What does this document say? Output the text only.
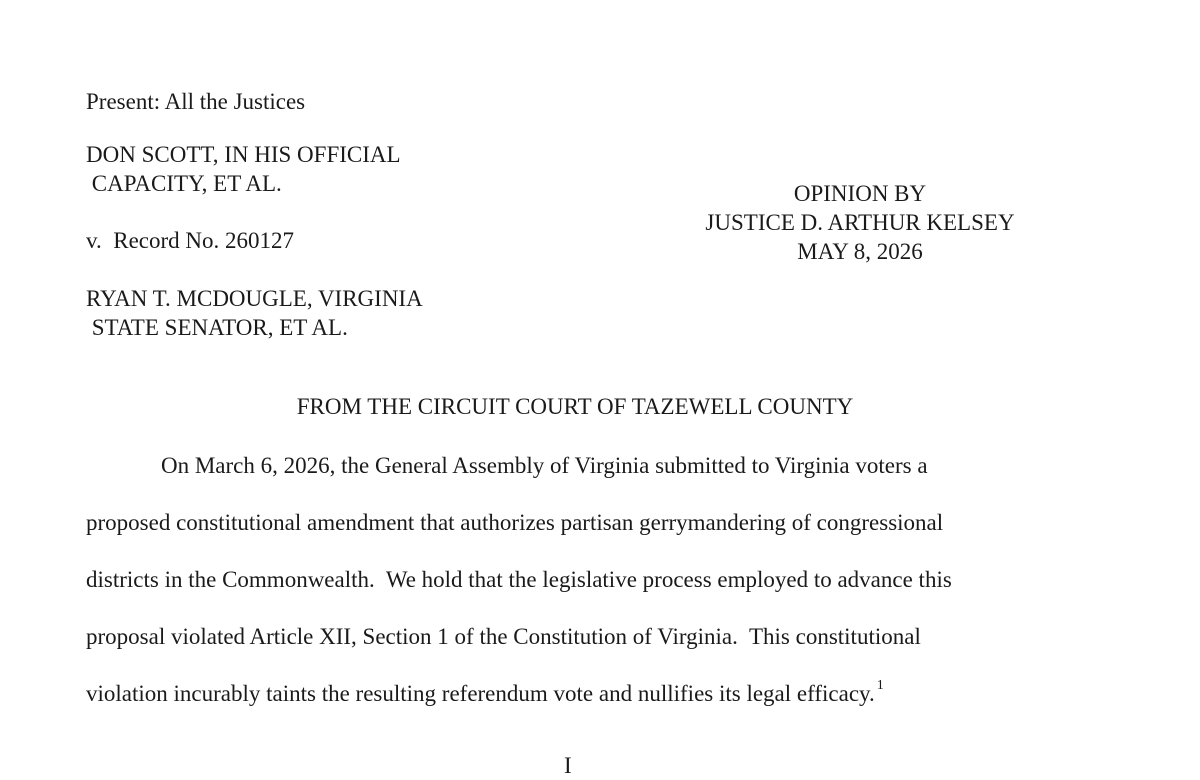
Present: All the Justices
DON SCOTT, IN HIS OFFICIAL
CAPACITY, ET AL.
v.  Record No. 260127
RYAN T. MCDOUGLE, VIRGINIA
STATE SENATOR, ET AL.
OPINION BY
JUSTICE D. ARTHUR KELSEY
MAY 8, 2026
FROM THE CIRCUIT COURT OF TAZEWELL COUNTY
On March 6, 2026, the General Assembly of Virginia submitted to Virginia voters a
proposed constitutional amendment that authorizes partisan gerrymandering of congressional
districts in the Commonwealth.  We hold that the legislative process employed to advance this
proposal violated Article XII, Section 1 of the Constitution of Virginia.  This constitutional
violation incurably taints the resulting referendum vote and nullifies its legal efficacy. $^1$
I
